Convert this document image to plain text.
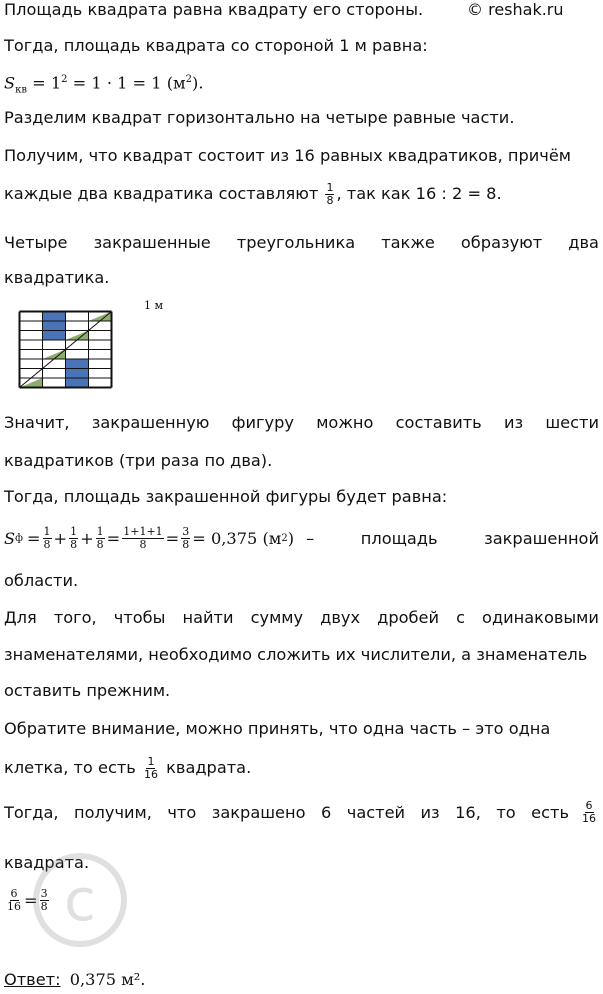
Площадь квадрата равна квадрату его стороны.	© reshak.ru
Тогда, площадь квадрата со стороной 1 м равна:
$S_{кв} = 1^2 = 1 \cdot 1 = 1$ $(м^2)$.
Разделим квадрат горизонтально на четыре равные части.
Получим, что квадрат состоит из 16 равных квадратиков, причём
каждые два квадратика составляют $\frac{1}{8}$ , так как 16 : 2 = 8.
Четыре закрашенные треугольника также образуют два
квадратика.
1 м
Значит, закрашенную фигуру можно составить из шести
квадратиков (три раза по два).
Тогда, площадь закрашенной фигуры будет равна:
S $ф = \frac{1}{8} + \frac{1}{8} + \frac{1}{8} = \frac{1+1+1}{8} = \frac{3}{8} = 0,375$ (м 2 ) –	площадь	закрашенной
области.
Для того, чтобы найти сумму двух дробей с одинаковыми
знаменателями, необходимо сложить их числители, а знаменатель
оставить прежним.
Обратите внимание, можно принять, что одна часть – это одна
клетка, то есть $\frac{1}{16}$ квадрата.
Тогда, получим, что закрашено 6 частей из 16, то есть $\frac{6}{16}$
квадрата.
$\frac{6}{16} = \frac{3}{8}$
Ответ: 0,375 м².
c
